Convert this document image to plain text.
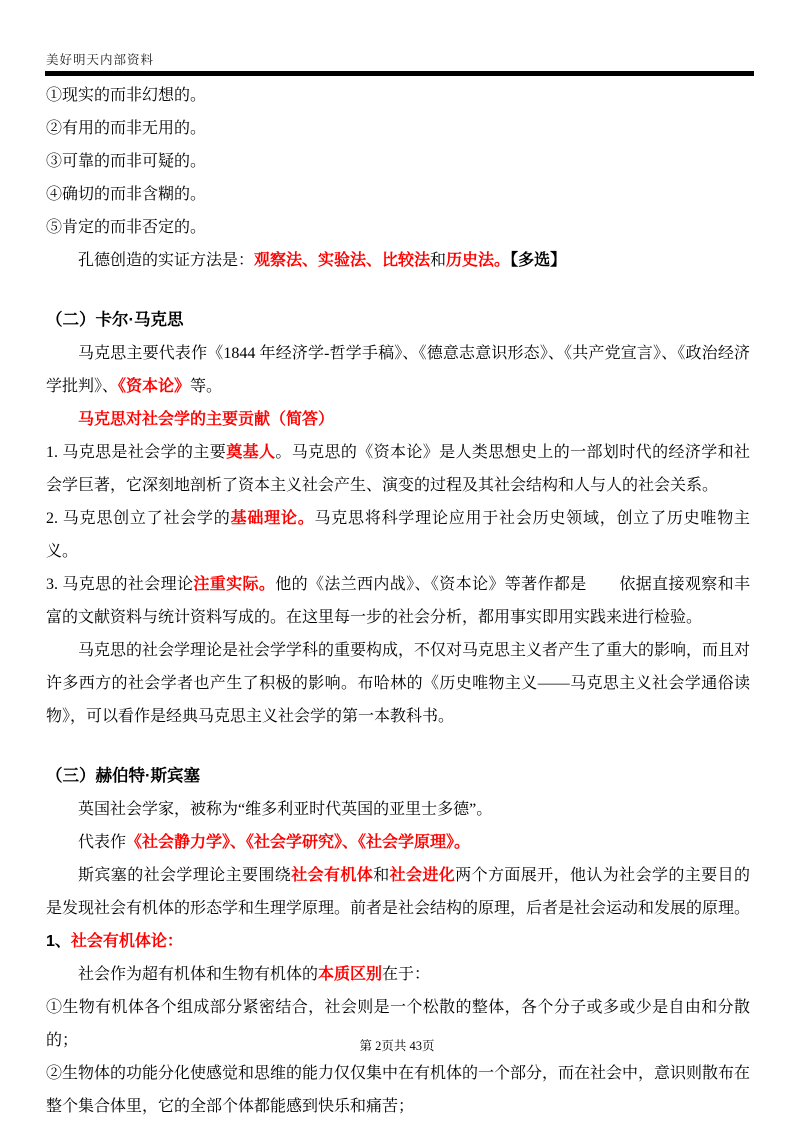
美好明天内部资料

①现实的而非幻想的。

②有用的而非无用的。

③可靠的而非可疑的。

④确切的而非含糊的。

⑤肯定的而非否定的。

孔德创造的实证方法是：观察法、实验法、比较法和历史法。【多选】

（二）卡尔·马克思

马克思主要代表作《1844 年经济学-哲学手稿》、《德意志意识形态》、《共产党宣言》、《政治经济学批判》、《资本论》等。

马克思对社会学的主要贡献（简答）

1. 马克思是社会学的主要奠基人。马克思的《资本论》是人类思想史上的一部划时代的经济学和社会学巨著，它深刻地剖析了资本主义社会产生、演变的过程及其社会结构和人与人的社会关系。

2. 马克思创立了社会学的基础理论。马克思将科学理论应用于社会历史领域，创立了历史唯物主义。

3. 马克思的社会理论注重实际。他的《法兰西内战》、《资本论》等著作都是　　依据直接观察和丰富的文献资料与统计资料写成的。在这里每一步的社会分析，都用事实即用实践来进行检验。

马克思的社会学理论是社会学学科的重要构成，不仅对马克思主义者产生了重大的影响，而且对许多西方的社会学者也产生了积极的影响。布哈林的《历史唯物主义——马克思主义社会学通俗读物》，可以看作是经典马克思主义社会学的第一本教科书。

（三）赫伯特·斯宾塞

英国社会学家，被称为“维多利亚时代英国的亚里士多德”。

代表作《社会静力学》、《社会学研究》、《社会学原理》。

斯宾塞的社会学理论主要围绕社会有机体和社会进化两个方面展开，他认为社会学的主要目的是发现社会有机体的形态学和生理学原理。前者是社会结构的原理，后者是社会运动和发展的原理。

1、社会有机体论：

社会作为超有机体和生物有机体的本质区别在于：

①生物有机体各个组成部分紧密结合，社会则是一个松散的整体，各个分子或多或少是自由和分散的；

②生物体的功能分化使感觉和思维的能力仅仅集中在有机体的一个部分，而在社会中，意识则散布在整个集合体里，它的全部个体都能感到快乐和痛苦；

第 2页共 43页
